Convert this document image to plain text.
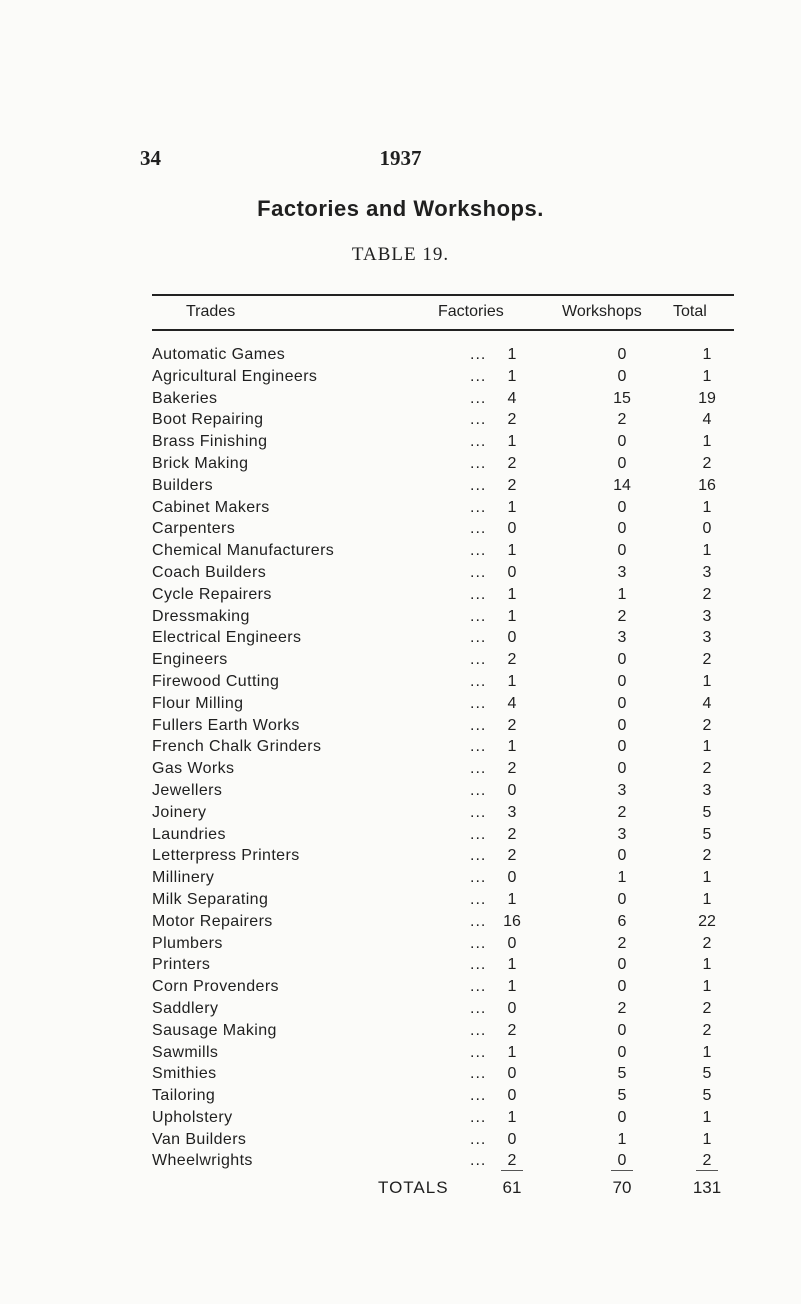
34	1937
Factories and Workshops.
TABLE 19.
Trades	Factories	Workshops Total
Automatic Games	...	1	0	1
Agricultural Engineers	...	1	0	1
Bakeries	...	4	15	19
Boot Repairing	...	2	2	4
Brass Finishing	...	1	0	1
Brick Making	...	2	0	2
Builders	...	2	14	16
Cabinet Makers	...	1	0	1
Carpenters	...	0	0	0
Chemical Manufacturers	...	1	0	1
Coach Builders	...	0	3	3
Cycle Repairers	...	1	1	2
Dressmaking	...	1	2	3
Electrical Engineers	...	0	3	3
Engineers	...	2	0	2
Firewood Cutting	...	1	0	1
Flour Milling	...	4	0	4
Fullers Earth Works	...	2	0	2
French Chalk Grinders	...	1	0	1
Gas Works	...	2	0	2
Jewellers	...	0	3	3
Joinery	...	3	2	5
Laundries	...	2	3	5
Letterpress Printers	...	2	0	2
Millinery	...	0	1	1
Milk Separating	...	1	0	1
Motor Repairers	...	16	6	22
Plumbers	...	0	2	2
Printers	...	1	0	1
Corn Provenders	...	1	0	1
Saddlery	...	0	2	2
Sausage Making	...	2	0	2
Sawmills	...	1	0	1
Smithies	...	0	5	5
Tailoring	...	0	5	5
Upholstery	...	1	0	1
Van Builders	...	0	1	1
Wheelwrights	...	2	0	2
TOTALS	61	70	131
